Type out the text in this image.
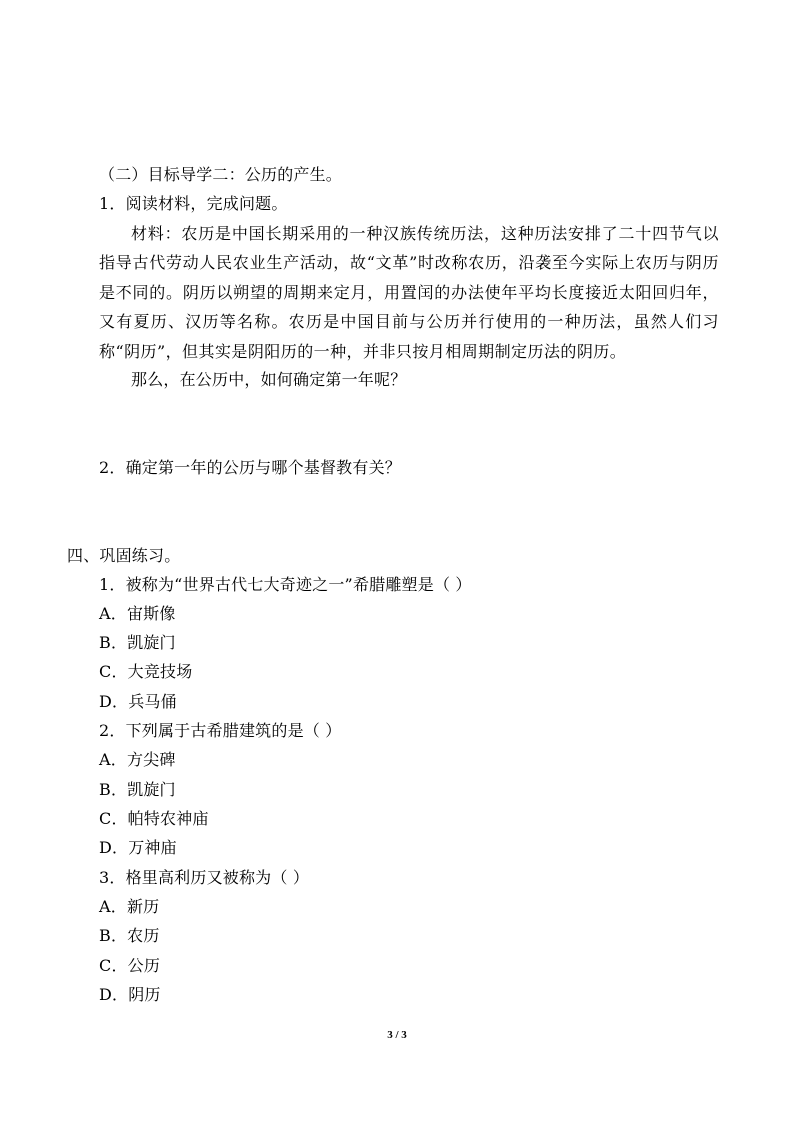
（二）目标导学二：公历的产生。
1．阅读材料，完成问题。
材料：农历是中国长期采用的一种汉族传统历法，这种历法安排了二十四节气以指导古代劳动人民农业生产活动，故“文革”时改称农历，沿袭至今实际上农历与阴历是不同的。阴历以朔望的周期来定月，用置闰的办法使年平均长度接近太阳回归年，又有夏历、汉历等名称。农历是中国目前与公历并行使用的一种历法，虽然人们习称“阴历”，但其实是阴阳历的一种，并非只按月相周期制定历法的阴历。
那么，在公历中，如何确定第一年呢？
2．确定第一年的公历与哪个基督教有关？
四、巩固练习。
1．被称为“世界古代七大奇迹之一”希腊雕塑是（ ）
A．宙斯像
B．凯旋门
C．大竞技场
D．兵马俑
2．下列属于古希腊建筑的是（ ）
A．方尖碑
B．凯旋门
C．帕特农神庙
D．万神庙
3．格里高利历又被称为（ ）
A．新历
B．农历
C．公历
D．阴历
3 / 3
